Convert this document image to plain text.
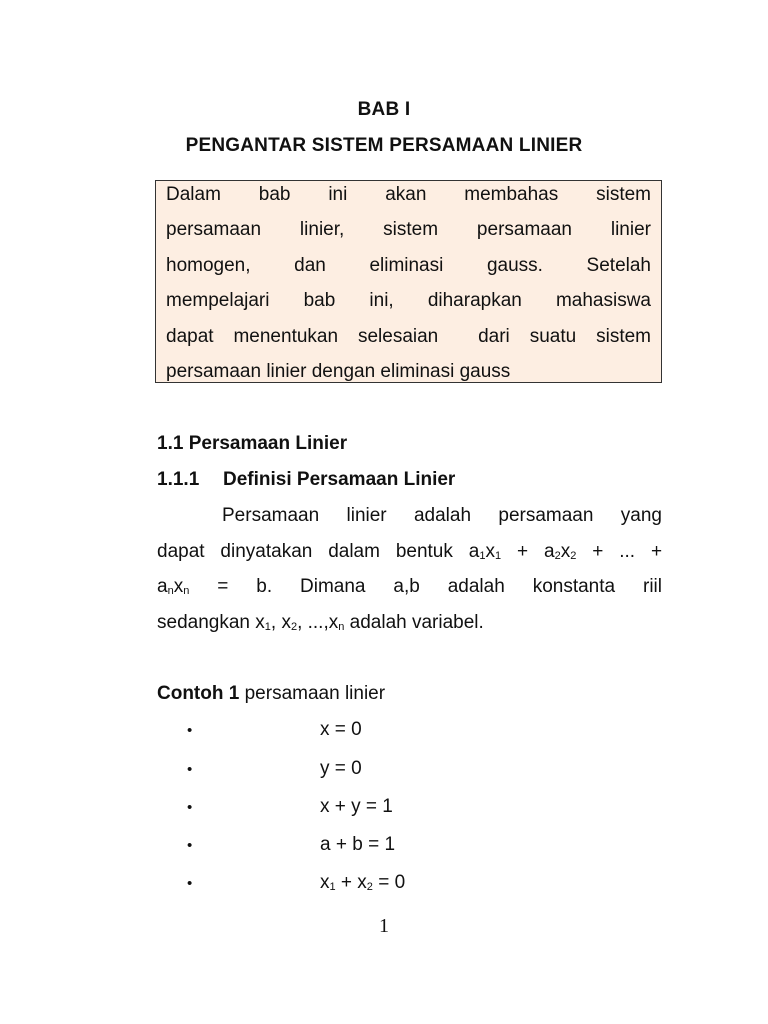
BAB I
PENGANTAR SISTEM PERSAMAAN LINIER
Dalam bab ini akan membahas sistem
persamaan linier, sistem persamaan linier
homogen, dan eliminasi gauss. Setelah
mempelajari bab ini, diharapkan mahasiswa
dapat menentukan selesaian  dari suatu sistem
persamaan linier dengan eliminasi gauss
1.1 Persamaan Linier
1.1.1 Definisi Persamaan Linier
Persamaan linier adalah persamaan yang
dapat dinyatakan dalam bentuk $a_1x_1 + a_2x_2$ + ... +
$a_nx_n = b$. Dimana a,b adalah konstanta riil
sedangkan $x_1$, $x_2$, $...,x_n$ adalah variabel.
Contoh 1 persamaan linier
•	x = 0
•	y = 0
•	x + y = 1
•	a + b = 1
•	$x_1 + x_2 = 0$
1
